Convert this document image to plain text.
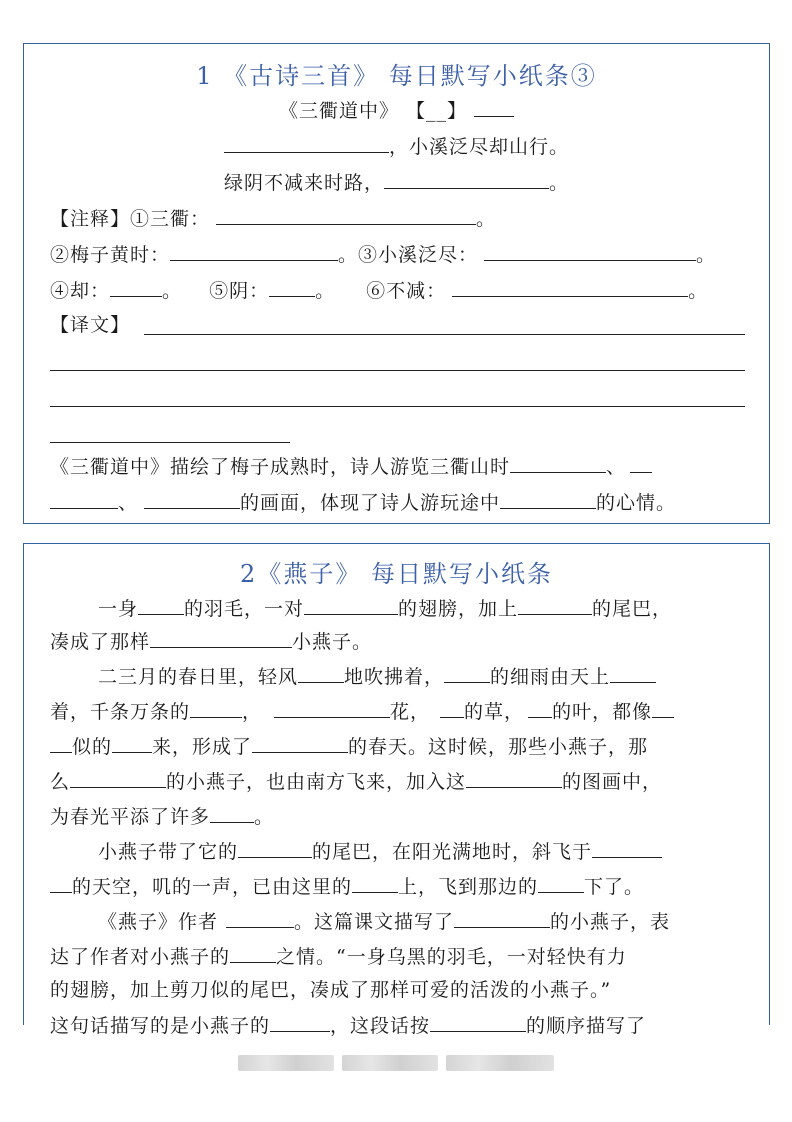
1 《古诗三首》 每日默写小纸条③
《三衢道中》 【__】
，小溪泛尽却山行。
绿阴不减来时路，	。
【注释】①三衢：	。
②梅子黄时：	。③小溪泛尽：	。
④却：	。 ⑤阴： 。 ⑥不减：	。
【译文】
《三衢道中》描绘了梅子成熟时，诗人游览三衢山时	、
、	的画面，体现了诗人游玩途中	的心情。
2《燕子》 每日默写小纸条
一身 的羽毛，一对	的翅膀，加上	的尾巴，
凑成了那样	小燕子。
二三月的春日里，轻风 地吹拂着， 的细雨由天上
着，千条万条的	，	花， 的草， 的叶，都像
似的 来，形成了	的春天。这时候，那些小燕子，那
么	的小燕子，也由南方飞来，加入这	的图画中，
为春光平添了许多 。
小燕子带了它的	的尾巴，在阳光满地时，斜飞于
的天空，叽的一声，已由这里的 上，飞到那边的 下了。
《燕子》作者	。这篇课文描写了	的小燕子，表
达了作者对小燕子的 之情。“一身乌黑的羽毛，一对轻快有力
的翅膀，加上剪刀似的尾巴，凑成了那样可爱的活泼的小燕子。”
这句话描写的是小燕子的	，这段话按	的顺序描写了
